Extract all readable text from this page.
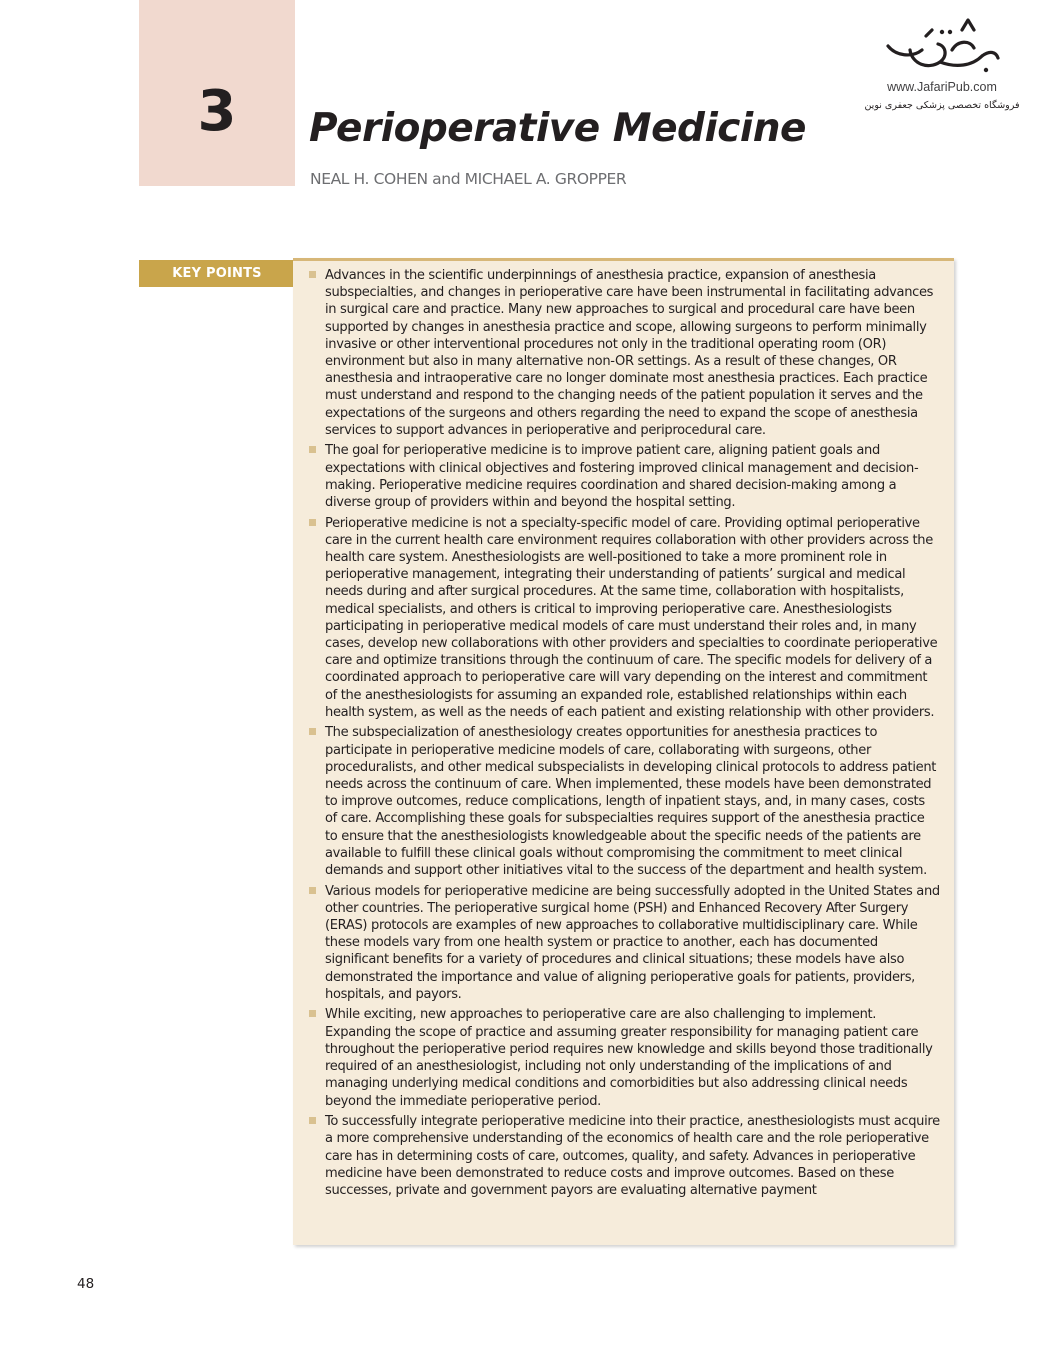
3	Perioperative Medicine
NEAL H. COHEN and MICHAEL A. GROPPER
www.JafariPub.com
فروشگاه تخصصی پزشکی جعفری نوین
KEY POINTS	Advances in the scientific underpinnings of anesthesia practice, expansion of anesthesia subspecialties, and changes in perioperative care have been instrumental in facilitating advances in surgical care and practice. Many new approaches to surgical and procedural care have been supported by changes in anesthesia practice and scope, allowing surgeons to perform minimally invasive or other interventional procedures not only in the traditional operating room (OR) environment but also in many alternative non-OR settings. As a result of these changes, OR anesthesia and intraoperative care no longer dominate most anesthesia practices. Each practice must understand and respond to the changing needs of the patient population it serves and the expectations of the surgeons and others regarding the need to expand the scope of anesthesia services to support advances in perioperative and periprocedural care.
The goal for perioperative medicine is to improve patient care, aligning patient goals and expectations with clinical objectives and fostering improved clinical management and decision-making. Perioperative medicine requires coordination and shared decision-making among a diverse group of providers within and beyond the hospital setting.
Perioperative medicine is not a specialty-specific model of care. Providing optimal perioperative care in the current health care environment requires collaboration with other providers across the health care system. Anesthesiologists are well-positioned to take a more prominent role in perioperative management, integrating their understanding of patients’ surgical and medical needs during and after surgical procedures. At the same time, collaboration with hospitalists, medical specialists, and others is critical to improving perioperative care. Anesthesiologists participating in perioperative medical models of care must understand their roles and, in many cases, develop new collaborations with other providers and specialties to coordinate perioperative care and optimize transitions through the continuum of care. The specific models for delivery of a coordinated approach to perioperative care will vary depending on the interest and commitment of the anesthesiologists for assuming an expanded role, established relationships within each health system, as well as the needs of each patient and existing relationship with other providers.
The subspecialization of anesthesiology creates opportunities for anesthesia practices to participate in perioperative medicine models of care, collaborating with surgeons, other proceduralists, and other medical subspecialists in developing clinical protocols to address patient needs across the continuum of care. When implemented, these models have been demonstrated to improve outcomes, reduce complications, length of inpatient stays, and, in many cases, costs of care. Accomplishing these goals for subspecialties requires support of the anesthesia practice to ensure that the anesthesiologists knowledgeable about the specific needs of the patients are available to fulfill these clinical goals without compromising the commitment to meet clinical demands and support other initiatives vital to the success of the department and health system.
Various models for perioperative medicine are being successfully adopted in the United States and other countries. The perioperative surgical home (PSH) and Enhanced Recovery After Surgery (ERAS) protocols are examples of new approaches to collaborative multidisciplinary care. While these models vary from one health system or practice to another, each has documented significant benefits for a variety of procedures and clinical situations; these models have also demonstrated the importance and value of aligning perioperative goals for patients, providers, hospitals, and payors.
While exciting, new approaches to perioperative care are also challenging to implement. Expanding the scope of practice and assuming greater responsibility for managing patient care throughout the perioperative period requires new knowledge and skills beyond those traditionally required of an anesthesiologist, including not only understanding of the implications of and managing underlying medical conditions and comorbidities but also addressing clinical needs beyond the immediate perioperative period.
To successfully integrate perioperative medicine into their practice, anesthesiologists must acquire a more comprehensive understanding of the economics of health care and the role perioperative care has in determining costs of care, outcomes, quality, and safety. Advances in perioperative medicine have been demonstrated to reduce costs and improve outcomes. Based on these successes, private and government payors are evaluating alternative payment
48
